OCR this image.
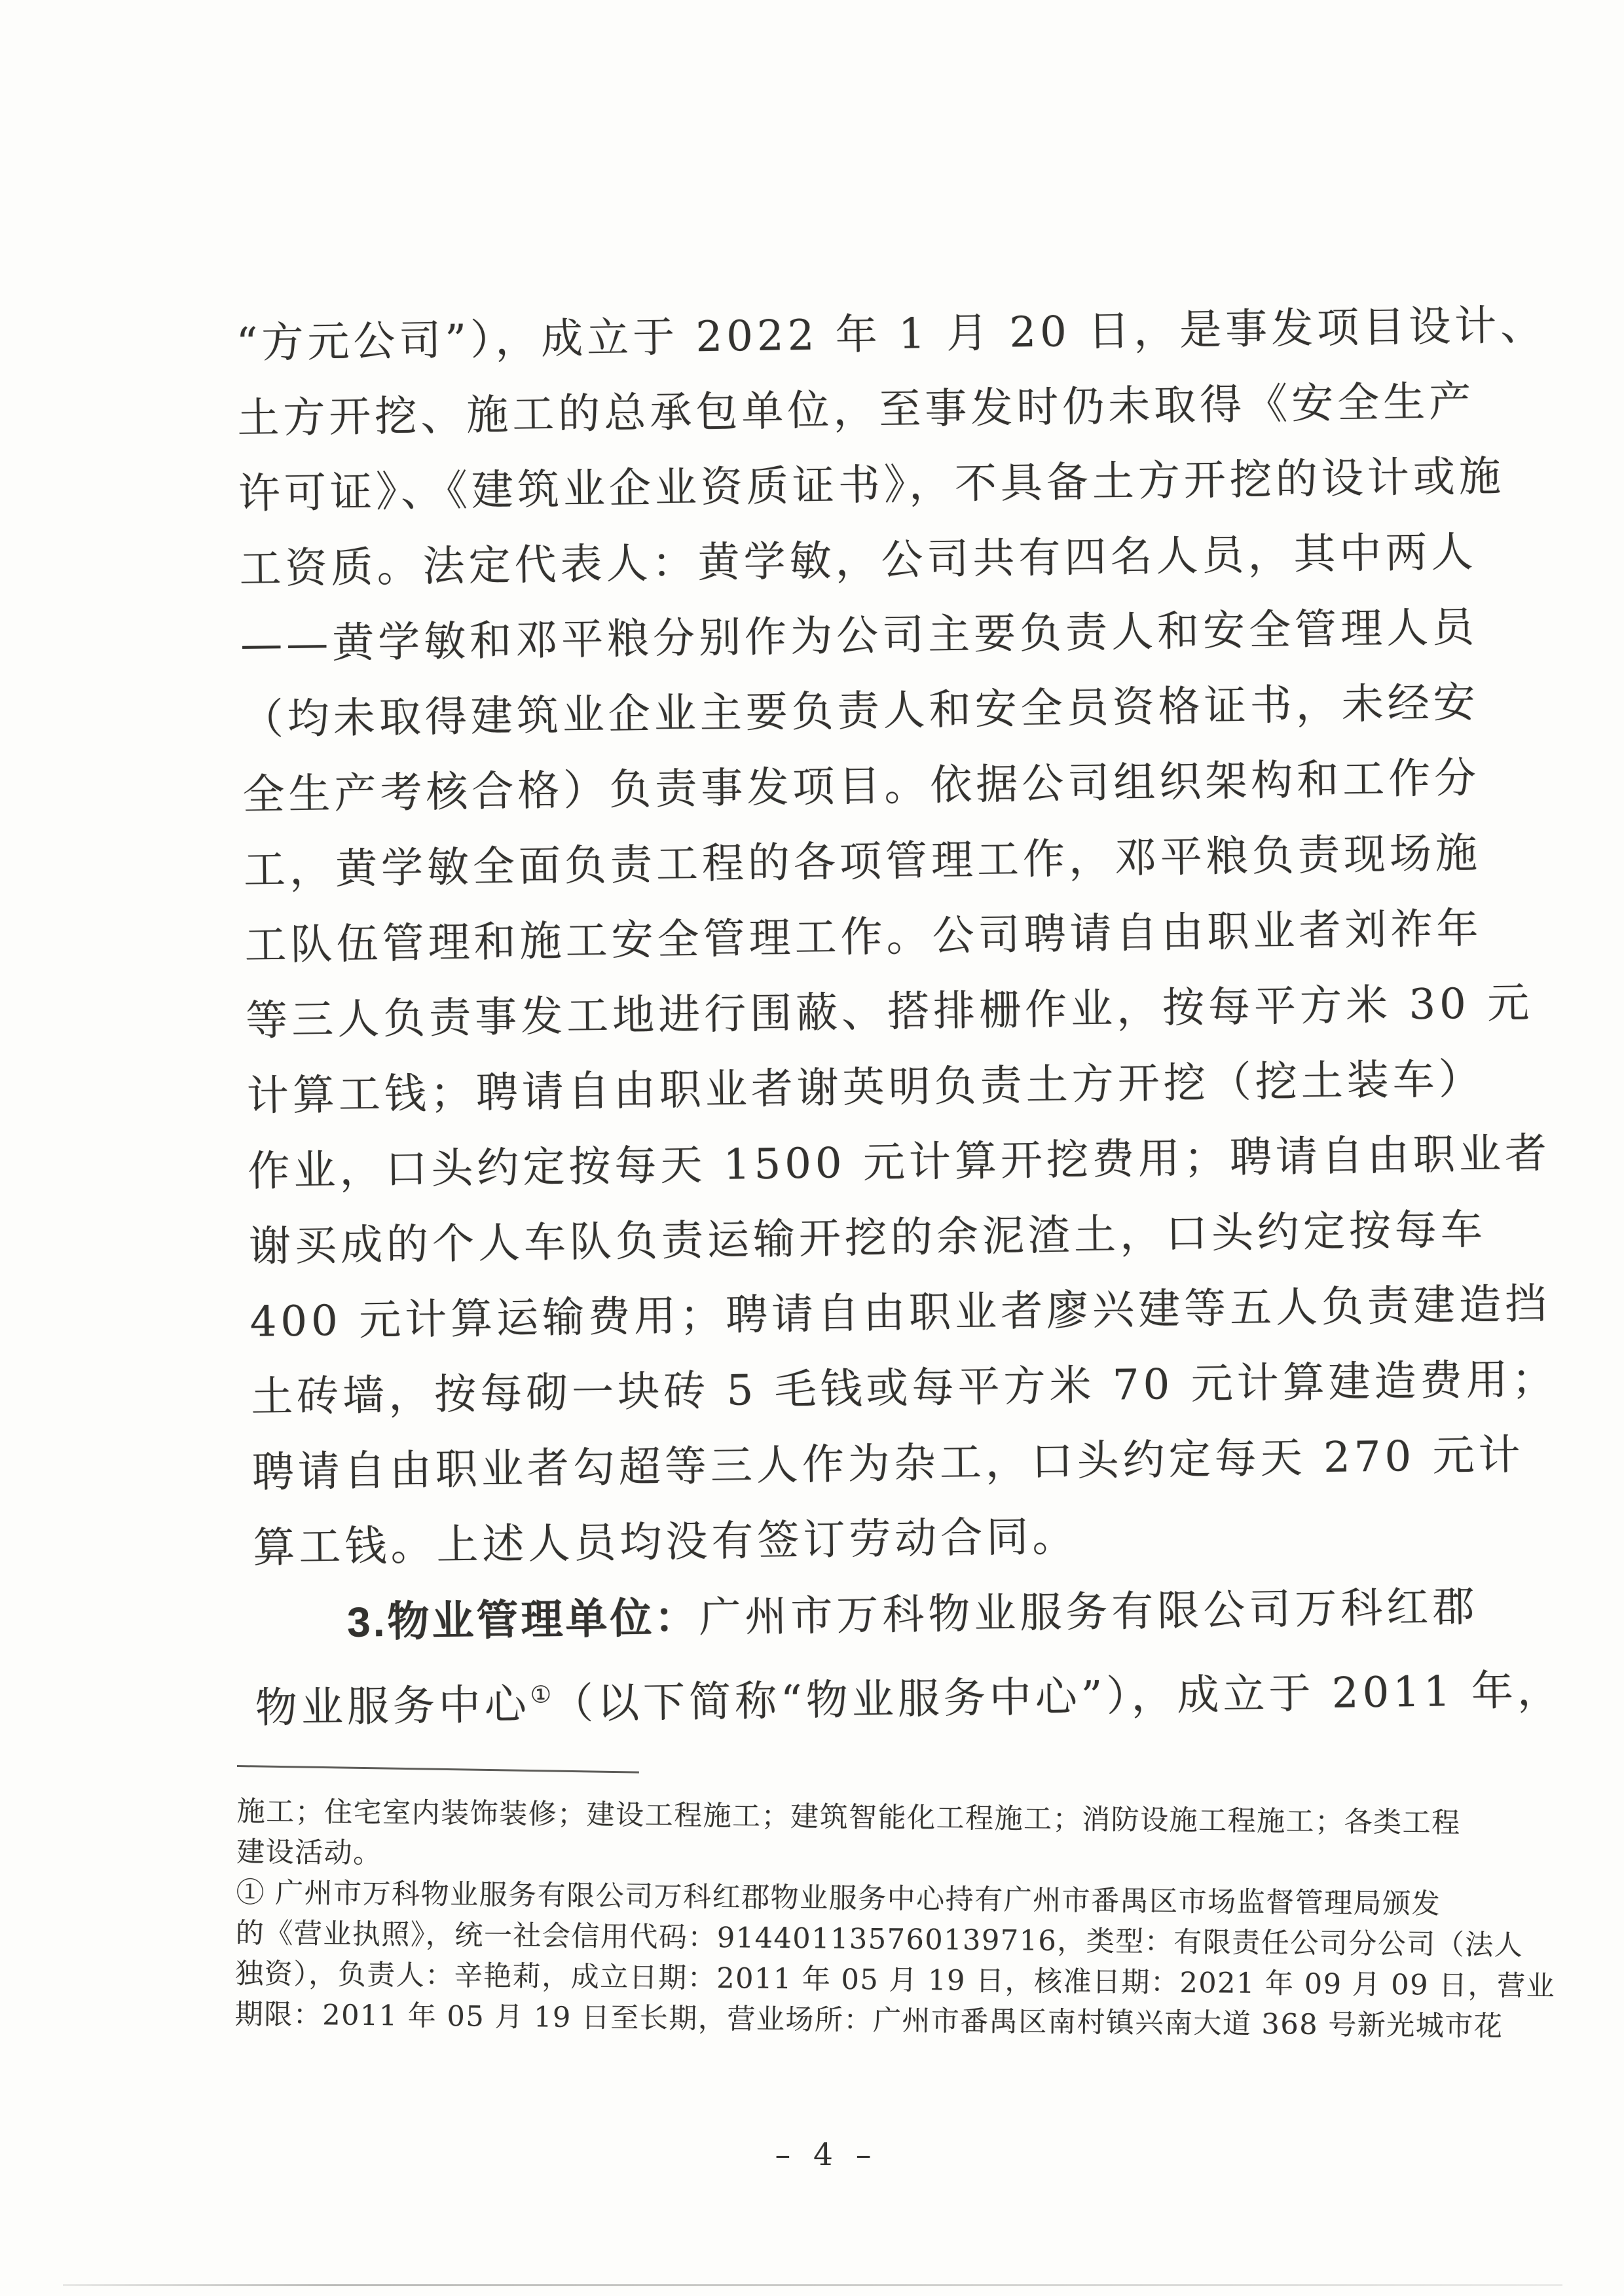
“方元公司”），成立于 2022 年 1 月 20 日，是事发项目设计、
土方开挖、施工的总承包单位，至事发时仍未取得《安全生产
许可证》、《建筑业企业资质证书》，不具备土方开挖的设计或施
工资质。法定代表人：黄学敏，公司共有四名人员，其中两人
——黄学敏和邓平粮分别作为公司主要负责人和安全管理人员
（均未取得建筑业企业主要负责人和安全员资格证书，未经安
全生产考核合格）负责事发项目。依据公司组织架构和工作分
工，黄学敏全面负责工程的各项管理工作，邓平粮负责现场施
工队伍管理和施工安全管理工作。公司聘请自由职业者刘祚年
等三人负责事发工地进行围蔽、搭排栅作业，按每平方米 30 元
计算工钱；聘请自由职业者谢英明负责土方开挖（挖土装车）
作业，口头约定按每天 1500 元计算开挖费用；聘请自由职业者
谢买成的个人车队负责运输开挖的余泥渣土，口头约定按每车
400 元计算运输费用；聘请自由职业者廖兴建等五人负责建造挡
土砖墙，按每砌一块砖 5 毛钱或每平方米 70 元计算建造费用；
聘请自由职业者勾超等三人作为杂工，口头约定每天 270 元计
算工钱。上述人员均没有签订劳动合同。
3.物业管理单位：广州市万科物业服务有限公司万科红郡
物业服务中心①（以下简称“物业服务中心”），成立于 2011 年，
施工；住宅室内装饰装修；建设工程施工；建筑智能化工程施工；消防设施工程施工；各类工程
建设活动。
① 广州市万科物业服务有限公司万科红郡物业服务中心持有广州市番禺区市场监督管理局颁发
的《营业执照》，统一社会信用代码：914401135760139716，类型：有限责任公司分公司（法人
独资），负责人：辛艳莉，成立日期：2011 年 05 月 19 日，核准日期：2021 年 09 月 09 日，营业
期限：2011 年 05 月 19 日至长期，营业场所：广州市番禺区南村镇兴南大道 368 号新光城市花
– 4 –
